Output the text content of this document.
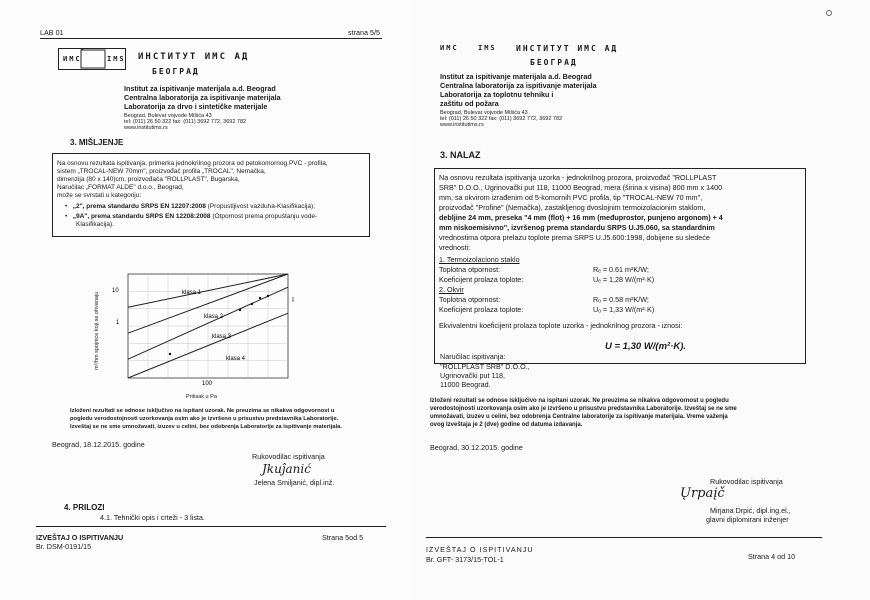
LAB 01	strana 5/5
ИMC	IMS ИНСТИТУТ ИМС АД
БЕОГРАД
Institut za ispitivanje materijala a.d. Beograd
Centralna laboratorija za ispitivanje materijala
Laboratorija za drvo i sintetičke materijale
Beograd, Bulevar vojvode Mišića 43
tel: (011) 26 50 322 fax: (011) 3692 772, 3692 782
www.institutims.rs
3. MIŠLJENJE
Na osnovu rezultata ispitivanja, primerka jednokrilnog prozora od petokomornog PVC - profila,
sistem „TROCAL-NEW 70mm", proizvođač profila „TROCAL", Nemačka,
dimenzija (80 x 140)cm, proizvođača "ROLLPLAST", Bugarska,
Naručilac „FORMAT ALDE" d.o.o., Beograd,
može se svrstati u kategoriju:
•   „2", prema standardu SRPS EN 12207:2008 (Propustljivost vazduha-Klasifikacija);
•   „9A", prema standardu SRPS EN 12208:2008 (Otpornost prema propuštanju vode-
Klasifikacija).
10
1
100
klasa 1
klasa 2
klasa 3
klasa 4
I
m³/hm spojnice koji se ohvanaju
Pritisak u Pa
Izloženi rezultati se odnose isključivo na ispitani uzorak. Ne preuzima se nikakva odgovornost u
pogledu verodostojnosti uzorkovanja osim ako je izvršeno u prisustvu predstavnika Laboratorije.
Izveštaj se ne sme umnožavati, izuzev u celini, bez odobrenja Laboratorije za ispitivanje materijala.
Beograd, 18.12.2015. godine
Rukovodilac ispitivanja
Jkuĵanić
Jelena Smiljanić, dipl.inž.
4. PRILOZI
4.1. Tehnički opis i crteži - 3 lista.
IZVEŠTAJ O ISPITIVANJU
Br. DSM-0191/15
Strana 5od 5
ИMC	IMS ИНСТИТУТ ИМС АД
БЕОГРАД
Institut za ispitivanje materijala a.d. Beograd
Centralna laboratorija za ispitivanje materijala
Laboratorija za toplotnu tehniku i
zaštitu od požara
Beograd, Bulevar vojvode Mišića 43
tel: (011) 26 50 322 fax: (011) 3692 772, 3692 782
www.institutims.rs
3. NALAZ
Na osnovu rezultata ispitivanja uzorka - jednokrilnog prozora, proizvođač "ROLLPLAST
SRB" D.O.O., Ugrinovački put 118, 11000 Beograd, mera (širina x visina) 800 mm x 1400
mm, sa okvirom izrađenim od 5-komornih PVC profila, tip "TROCAL-NEW 70 mm",
proizvođač "Profine" (Nemačka), zastakljenog dvoslojnim termoizolacionim staklom,
debljine 24 mm, preseka "4 mm (flot) + 16 mm (međuprostor, punjeno argonom) + 4
mm niskoemisivno", izvršenog prema standardu SRPS U.J5.060, sa standardnim
vrednostima otpora prelazu toplote prema SRPS U.J5.600:1998, dobijene su sledeće
vrednosti:
1. Termoizolaciono staklo
Toplotna otpornost:	Rₑ = 0.61 m²K/W;
Koeficijent prolaza toplote:	Uₑ = 1,28 W/(m²·K)
2. Okvir
Toplotna otpornost:	Rₒ = 0.58 m²K/W;
Koeficijent prolaza toplote:	Uₒ = 1,33 W/(m²·K)
Ekvivalentni koeficijent prolaza toplote uzorka - jednokrilnog prozora - iznosi:
U = 1,30 W/(m²·K).
Naručilac ispitivanja:
"ROLLPLAST SRB" D.O.O.,
Ugrinovački put 118,
11000 Beograd.
Izloženi rezultati se odnose isključivo na ispitani uzorak. Ne preuzima se nikakva odgovornost u pogledu
verodostojnosti uzorkovanja osim ako je izvršeno u prisustvu predstavnika Laboratorije. Izveštaj se ne sme
umnožavati, izuzev u celini, bez odobrenja Centralne laboratorije za ispitivanje materijala. Vreme važenja
ovog Izveštaja je 2 (dve) godine od datuma izdavanja.
Beograd, 30.12.2015. godine
Rukovodilac ispitivanja
Ųrpaįč
Mirjana Drpić, dipl.ing.el.,
glavni diplomirani inženjer
IZVEŠTAJ O ISPITIVANJU
Br. GFT- 3173/15-TOL-1	Strana 4 od 10
